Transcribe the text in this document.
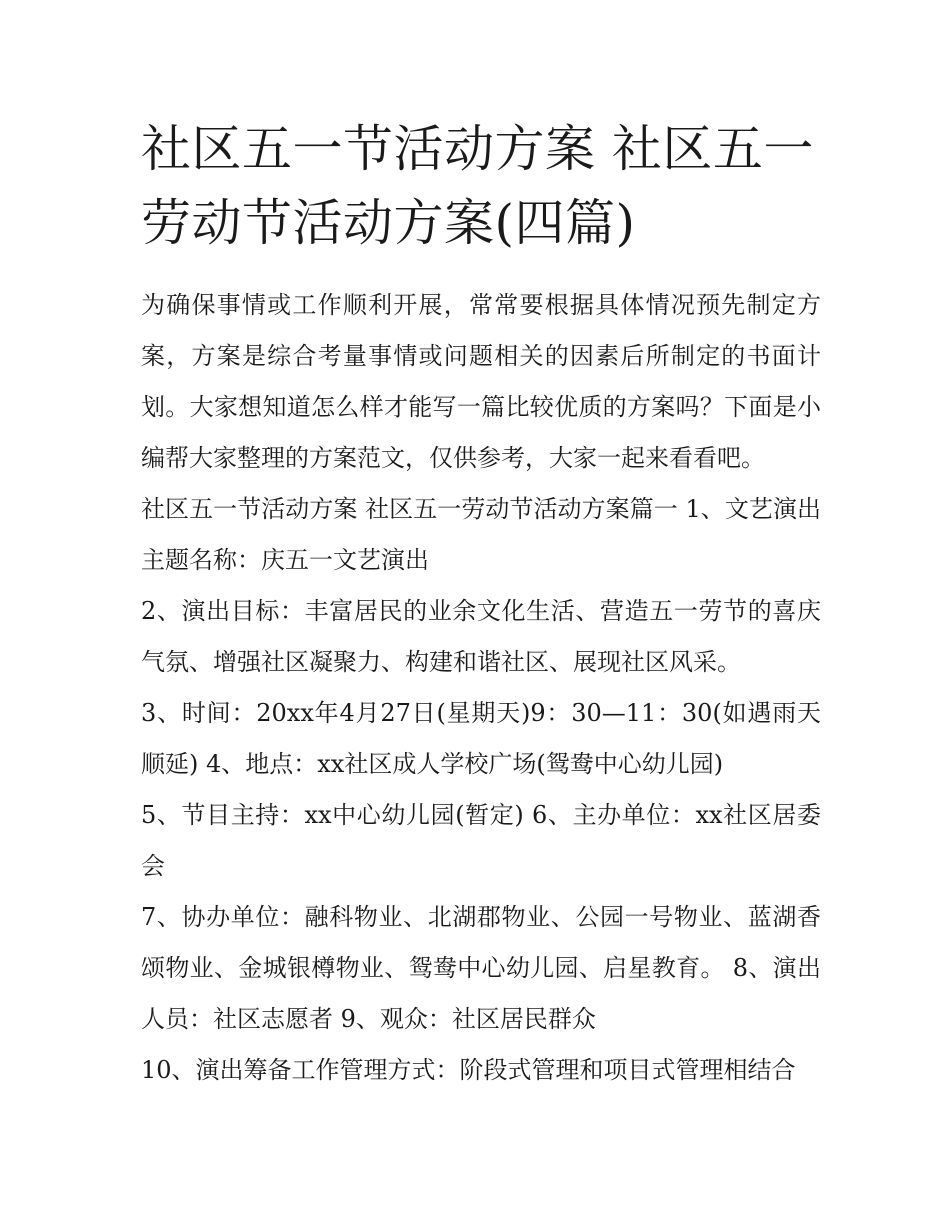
社区五一节活动方案 社区五一劳动节活动方案(四篇)

为确保事情或工作顺利开展，常常要根据具体情况预先制定方案，方案是综合考量事情或问题相关的因素后所制定的书面计划。大家想知道怎么样才能写一篇比较优质的方案吗？下面是小编帮大家整理的方案范文，仅供参考，大家一起来看看吧。

社区五一节活动方案 社区五一劳动节活动方案篇一 1、文艺演出主题名称：庆五一文艺演出

2、演出目标：丰富居民的业余文化生活、营造五一劳节的喜庆气氛、增强社区凝聚力、构建和谐社区、展现社区风采。

3、时间：20xx年4月27日(星期天)9：30—11：30(如遇雨天顺延) 4、地点：xx社区成人学校广场(鸳鸯中心幼儿园)

5、节目主持：xx中心幼儿园(暂定) 6、主办单位：xx社区居委会

7、协办单位：融科物业、北湖郡物业、公园一号物业、蓝湖香颂物业、金城银樽物业、鸳鸯中心幼儿园、启星教育。 8、演出人员：社区志愿者 9、观众：社区居民群众

10、演出筹备工作管理方式：阶段式管理和项目式管理相结合
